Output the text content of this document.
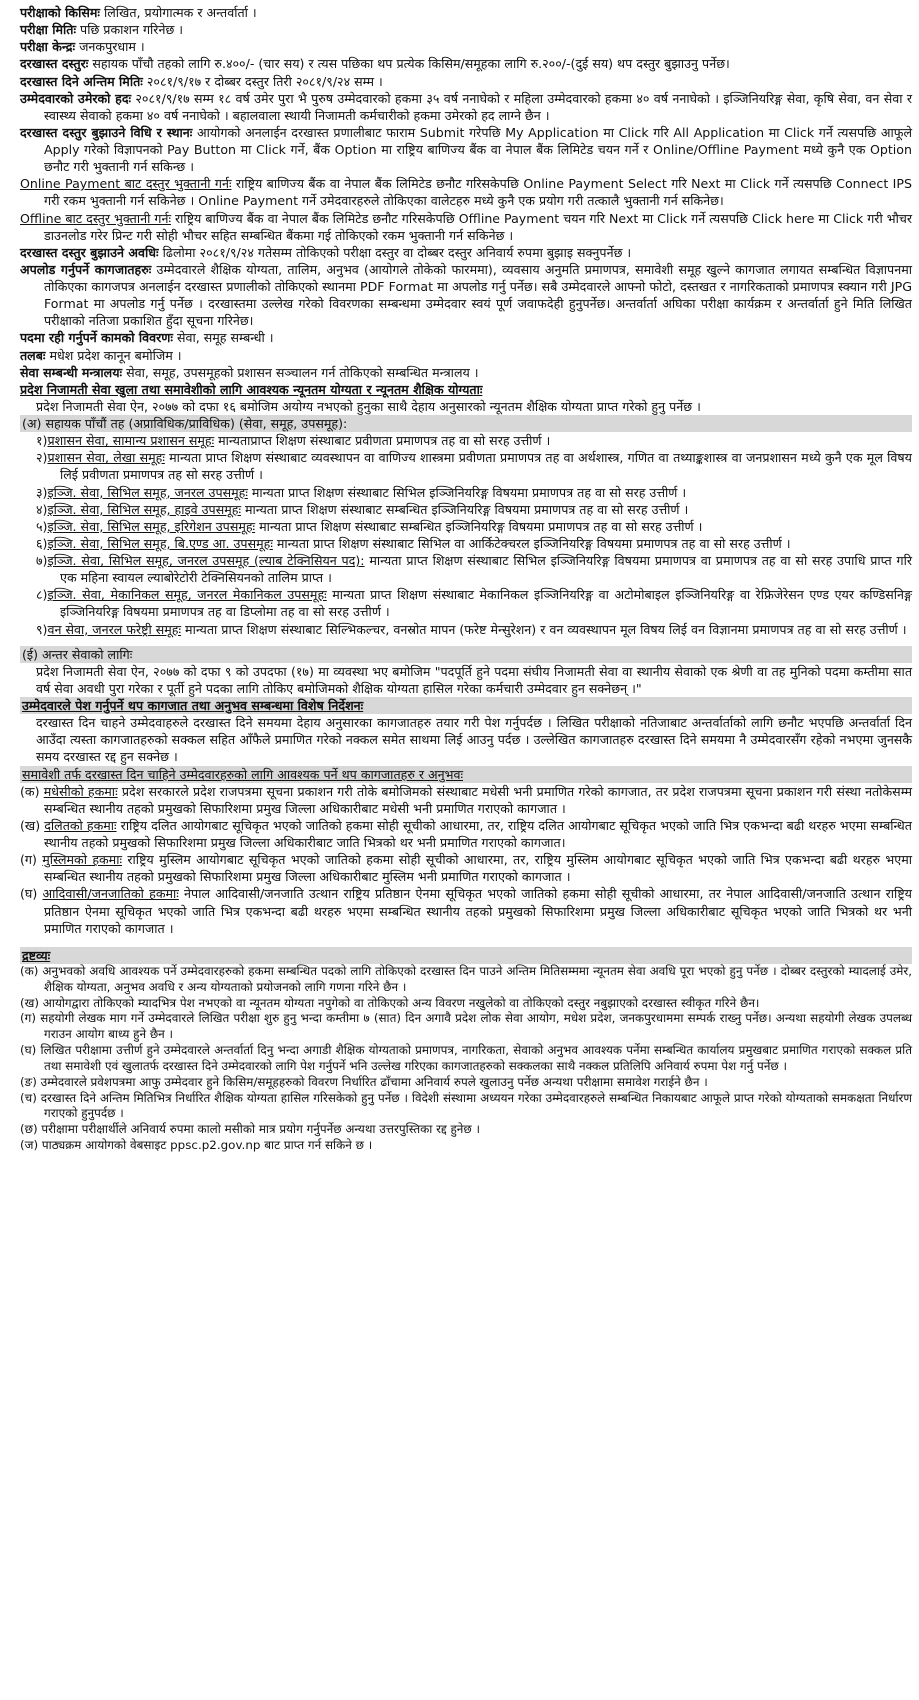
परीक्षाको किसिमः लिखित, प्रयोगात्मक र अन्तर्वार्ता ।

परीक्षा मितिः पछि प्रकाशन गरिनेछ ।

परीक्षा केन्द्रः जनकपुरधाम ।

दरखास्त दस्तुरः सहायक पाँचौ तहको लागि रु.४००/- (चार सय) र त्यस पछिका थप प्रत्येक किसिम/समूहका लागि रु.२००/-(दुई सय) थप दस्तुर बुझाउनु पर्नेछ।

दरखास्त दिने अन्तिम मितिः २०८१/९/१७ र दोब्बर दस्तुर तिरी २०८१/९/२४ सम्म ।

उम्मेदवारको उमेरको हदः २०८१/९/१७ सम्म १८ वर्ष उमेर पुरा भै पुरुष उम्मेदवारको हकमा ३५ वर्ष ननाघेको र महिला उम्मेदवारको हकमा ४० वर्ष ननाघेको । इञ्जिनियरिङ्ग सेवा, कृषि सेवा, वन सेवा र स्वास्थ्य सेवाको हकमा ४० वर्ष ननाघेको । बहालवाला स्थायी निजामती कर्मचारीको हकमा उमेरको हद लाग्ने छैन ।

दरखास्त दस्तुर बुझाउने विधि र स्थानः आयोगको अनलाईन दरखास्त प्रणालीबाट फाराम Submit गरेपछि My Application मा Click गरि All Application मा Click गर्ने त्यसपछि आफूले Apply गरेको विज्ञापनको Pay Button मा Click गर्ने, बैंक Option मा राष्ट्रिय बाणिज्य बैंक वा नेपाल बैंक लिमिटेड चयन गर्ने र Online/Offline Payment मध्ये कुनै एक Option छनौट गरी भुक्तानी गर्न सकिन्छ ।

Online Payment बाट दस्तुर भुक्तानी गर्नः राष्ट्रिय बाणिज्य बैंक वा नेपाल बैंक लिमिटेड छनौट गरिसकेपछि Online Payment Select गरि Next मा Click गर्ने त्यसपछि Connect IPS गरी रकम भुक्तानी गर्न सकिनेछ । Online Payment गर्ने उमेदवारहरुले तोकिएका वालेटहरु मध्ये कुनै एक प्रयोग गरी तत्कालै भुक्तानी गर्न सकिनेछ।

Offline बाट दस्तुर भुक्तानी गर्नः राष्ट्रिय बाणिज्य बैंक वा नेपाल बैंक लिमिटेड छनौट गरिसकेपछि Offline Payment चयन गरि Next मा Click गर्ने त्यसपछि Click here मा Click गरी भौचर डाउनलोड गरेर प्रिन्ट गरी सोही भौचर सहित सम्बन्धित बैंकमा गई तोकिएको रकम भुक्तानी गर्न सकिनेछ ।

दरखास्त दस्तुर बुझाउने अवधिः ढिलोमा २०८१/९/२४ गतेसम्म तोकिएको परीक्षा दस्तुर वा दोब्बर दस्तुर अनिवार्य रुपमा बुझाइ सक्नुपर्नेछ ।

अपलोड गर्नुपर्ने कागजातहरुः उम्मेदवारले शैक्षिक योग्यता, तालिम, अनुभव (आयोगले तोकेको फारममा), व्यवसाय अनुमति प्रमाणपत्र, समावेशी समूह खुल्ने कागजात लगायत सम्बन्धित विज्ञापनमा तोकिएका कागजपत्र अनलाईन दरखास्त प्रणालीको तोकिएको स्थानमा PDF Format मा अपलोड गर्नु पर्नेछ। सबै उम्मेदवारले आफ्नो फोटो, दस्तखत र नागरिकताको प्रमाणपत्र स्क्यान गरी JPG Format मा अपलोड गर्नु पर्नेछ । दरखास्तमा उल्लेख गरेको विवरणका सम्बन्धमा उम्मेदवार स्वयं पूर्ण जवाफदेही हुनुपर्नेछ। अन्तर्वार्ता अघिका परीक्षा कार्यक्रम र अन्तर्वार्ता हुने मिति लिखित परीक्षाको नतिजा प्रकाशित हुँदा सूचना गरिनेछ।

पदमा रही गर्नुपर्ने कामको विवरणः सेवा, समूह सम्बन्धी ।

तलबः मधेश प्रदेश कानून बमोजिम ।

सेवा सम्बन्धी मन्त्रालयः सेवा, समूह, उपसमूहको प्रशासन सञ्चालन गर्न तोकिएको सम्बन्धित मन्त्रालय ।

प्रदेश निजामती सेवा खुला तथा समावेशीको लागि आवश्यक न्यूनतम योग्यता र न्यूनतम शैक्षिक योग्यताः

प्रदेश निजामती सेवा ऐन, २०७७ को दफा १६ बमोजिम अयोग्य नभएको हुनुका साथै देहाय अनुसारको न्यूनतम शैक्षिक योग्यता प्राप्त गरेको हुनु पर्नेछ ।

(अ) सहायक पाँचौं तह (अप्राविधिक/प्राविधिक) (सेवा, समूह, उपसमूह):

१)प्रशासन सेवा, सामान्य प्रशासन समूहः मान्यताप्राप्त शिक्षण संस्थाबाट प्रवीणता प्रमाणपत्र तह वा सो सरह उत्तीर्ण ।

२)प्रशासन सेवा, लेखा समूहः मान्यता प्राप्त शिक्षण संस्थाबाट व्यवस्थापन वा वाणिज्य शास्त्रमा प्रवीणता प्रमाणपत्र तह वा अर्थशास्त्र, गणित वा तथ्याङ्कशास्त्र वा जनप्रशासन मध्ये कुनै एक मूल विषय लिई प्रवीणता प्रमाणपत्र तह सो सरह उत्तीर्ण ।

३)इञ्जि. सेवा, सिभिल समूह, जनरल उपसमूहः मान्यता प्राप्त शिक्षण संस्थाबाट सिभिल इञ्जिनियरिङ्ग विषयमा प्रमाणपत्र तह वा सो सरह उत्तीर्ण ।

४)इञ्जि. सेवा, सिभिल समूह, हाइवे उपसमूहः मान्यता प्राप्त शिक्षण संस्थाबाट सम्बन्धित इञ्जिनियरिङ्ग विषयमा प्रमाणपत्र तह वा सो सरह उत्तीर्ण ।

५)इञ्जि. सेवा, सिभिल समूह, इरिगेशन उपसमूहः मान्यता प्राप्त शिक्षण संस्थाबाट सम्बन्धित इञ्जिनियरिङ्ग विषयमा प्रमाणपत्र तह वा सो सरह उत्तीर्ण ।

६)इञ्जि. सेवा, सिभिल समूह, बि.एण्ड आ. उपसमूहः मान्यता प्राप्त शिक्षण संस्थाबाट सिभिल वा आर्किटेक्चरल इञ्जिनियरिङ्ग विषयमा प्रमाणपत्र तह वा सो सरह उत्तीर्ण ।

७)इञ्जि. सेवा, सिभिल समूह, जनरल उपसमूह (ल्याब टेक्निसियन पद): मान्यता प्राप्त शिक्षण संस्थाबाट सिभिल इञ्जिनियरिङ्ग विषयमा प्रमाणपत्र वा प्रमाणपत्र तह वा सो सरह उपाधि प्राप्त गरि एक महिना स्वायल ल्याबोरेटोरी टेक्निसियनको तालिम प्राप्त ।

८)इञ्जि. सेवा, मेकानिकल समूह, जनरल मेकानिकल उपसमूहः मान्यता प्राप्त शिक्षण संस्थाबाट मेकानिकल इञ्जिनियरिङ्ग वा अटोमोबाइल इञ्जिनियरिङ्ग वा रेफ्रिजेरेसन एण्ड एयर कण्डिसनिङ्ग इञ्जिनियरिङ्ग विषयमा प्रमाणपत्र तह वा डिप्लोमा तह वा सो सरह उत्तीर्ण ।

९)वन सेवा, जनरल फरेष्ट्री समूहः मान्यता प्राप्त शिक्षण संस्थाबाट सिल्भिकल्चर, वनस्रोत मापन (फरेष्ट मेन्सुरेशन) र वन व्यवस्थापन मूल विषय लिई वन विज्ञानमा प्रमाणपत्र तह वा सो सरह उत्तीर्ण ।

(ई) अन्तर सेवाको लागिः

प्रदेश निजामती सेवा ऐन, २०७७ को दफा ९ को उपदफा (१७) मा व्यवस्था भए बमोजिम "पदपूर्ति हुने पदमा संघीय निजामती सेवा वा स्थानीय सेवाको एक श्रेणी वा तह मुनिको पदमा कम्तीमा सात वर्ष सेवा अवधी पुरा गरेका र पूर्ती हुने पदका लागि तोकिए बमोजिमको शैक्षिक योग्यता हासिल गरेका कर्मचारी उम्मेदवार हुन सक्नेछन् ।"

उम्मेदवारले पेश गर्नुपर्ने थप कागजात तथा अनुभव सम्बन्धमा विशेष निर्देशनः

दरखास्त दिन चाहने उम्मेदवाहरुले दरखास्त दिने समयमा देहाय अनुसारका कागजातहरु तयार गरी पेश गर्नुपर्दछ । लिखित परीक्षाको नतिजाबाट अन्तर्वार्ताको लागि छनौट भएपछि अन्तर्वार्ता दिन आउँदा त्यस्ता कागजातहरुको सक्कल सहित आँफैले प्रमाणित गरेको नक्कल समेत साथमा लिई आउनु पर्दछ । उल्लेखित कागजातहरु दरखास्त दिने समयमा नै उम्मेदवारसँग रहेको नभएमा जुनसकै समय दरखास्त रद्द हुन सक्नेछ ।

समावेशी तर्फ दरखास्त दिन चाहिने उम्मेदवारहरुको लागि आवश्यक पर्ने थप कागजातहरु र अनुभवः

(क) मधेसीको हकमाः प्रदेश सरकारले प्रदेश राजपत्रमा सूचना प्रकाशन गरी तोके बमोजिमको संस्थाबाट मधेसी भनी प्रमाणित गरेको कागजात, तर प्रदेश राजपत्रमा सूचना प्रकाशन गरी संस्था नतोकेसम्म सम्बन्धित स्थानीय तहको प्रमुखको सिफारिशमा प्रमुख जिल्ला अधिकारीबाट मधेसी भनी प्रमाणित गराएको कागजात ।

(ख) दलितको हकमाः राष्ट्रिय दलित आयोगबाट सूचिकृत भएको जातिको हकमा सोही सूचीको आधारमा, तर, राष्ट्रिय दलित आयोगबाट सूचिकृत भएको जाति भित्र एकभन्दा बढी थरहरु भएमा सम्बन्धित स्थानीय तहको प्रमुखको सिफारिशमा प्रमुख जिल्ला अधिकारीबाट जाति भित्रको थर भनी प्रमाणित गराएको कागजात।

(ग) मुस्लिमको हकमाः राष्ट्रिय मुस्लिम आयोगबाट सूचिकृत भएको जातिको हकमा सोही सूचीको आधारमा, तर, राष्ट्रिय मुस्लिम आयोगबाट सूचिकृत भएको जाति भित्र एकभन्दा बढी थरहरु भएमा सम्बन्धित स्थानीय तहको प्रमुखको सिफारिशमा प्रमुख जिल्ला अधिकारीबाट मुस्लिम भनी प्रमाणित गराएको कागजात ।

(घ) आदिवासी/जनजातिको हकमाः नेपाल आदिवासी/जनजाति उत्थान राष्ट्रिय प्रतिष्ठान ऐनमा सूचिकृत भएको जातिको हकमा सोही सूचीको आधारमा, तर नेपाल आदिवासी/जनजाति उत्थान राष्ट्रिय प्रतिष्ठान ऐनमा सूचिकृत भएको जाति भित्र एकभन्दा बढी थरहरु भएमा सम्बन्धित स्थानीय तहको प्रमुखको सिफारिशमा प्रमुख जिल्ला अधिकारीबाट सूचिकृत भएको जाति भित्रको थर भनी प्रमाणित गराएको कागजात ।

द्रष्टव्यः

(क) अनुभवको अवधि आवश्यक पर्ने उम्मेदवारहरुको हकमा सम्बन्धित पदको लागि तोकिएको दरखास्त दिन पाउने अन्तिम मितिसम्ममा न्यूनतम सेवा अवधि पूरा भएको हुनु पर्नेछ । दोब्बर दस्तुरको म्यादलाई उमेर, शैक्षिक योग्यता, अनुभव अवधि र अन्य योग्यताको प्रयोजनको लागि गणना गरिने छैन ।

(ख) आयोगद्वारा तोकिएको म्यादभित्र पेश नभएको वा न्यूनतम योग्यता नपुगेको वा तोकिएको अन्य विवरण नखुलेको वा तोकिएको दस्तुर नबुझाएको दरखास्त स्वीकृत गरिने छैन।

(ग) सहयोगी लेखक माग गर्ने उम्मेदवारले लिखित परीक्षा शुरु हुनु भन्दा कम्तीमा ७ (सात) दिन अगावै प्रदेश लोक सेवा आयोग, मधेश प्रदेश, जनकपुरधाममा सम्पर्क राख्नु पर्नेछ। अन्यथा सहयोगी लेखक उपलब्ध गराउन आयोग बाध्य हुने छैन ।

(घ) लिखित परीक्षामा उत्तीर्ण हुने उम्मेदवारले अन्तर्वार्ता दिनु भन्दा अगाडी शैक्षिक योग्यताको प्रमाणपत्र, नागरिकता, सेवाको अनुभव आवश्यक पर्नेमा सम्बन्धित कार्यालय प्रमुखबाट प्रमाणित गराएको सक्कल प्रति तथा समावेशी एवं खुलातर्फ दरखास्त दिने उम्मेदवारको लागि पेश गर्नुपर्ने भनि उल्लेख गरिएका कागजातहरुको सक्कलका साथै नक्कल प्रतिलिपि अनिवार्य रुपमा पेश गर्नु पर्नेछ ।

(ङ) उम्मेदवारले प्रवेशपत्रमा आफु उम्मेदवार हुने किसिम/समूहहरुको विवरण निर्धारित ढाँचामा अनिवार्य रुपले खुलाउनु पर्नेछ अन्यथा परीक्षामा समावेश गराईने छैन ।

(च) दरखास्त दिने अन्तिम मितिभित्र निर्धारित शैक्षिक योग्यता हासिल गरिसकेको हुनु पर्नेछ । विदेशी संस्थामा अध्ययन गरेका उम्मेदवारहरुले सम्बन्धित निकायबाट आफूले प्राप्त गरेको योग्यताको समकक्षता निर्धारण गराएको हुनुपर्दछ ।

(छ) परीक्षामा परीक्षार्थीले अनिवार्य रुपमा कालो मसीको मात्र प्रयोग गर्नुपर्नेछ अन्यथा उत्तरपुस्तिका रद्द हुनेछ ।

(ज) पाठ्यक्रम आयोगको वेबसाइट ppsc.p2.gov.np बाट प्राप्त गर्न सकिने छ ।
